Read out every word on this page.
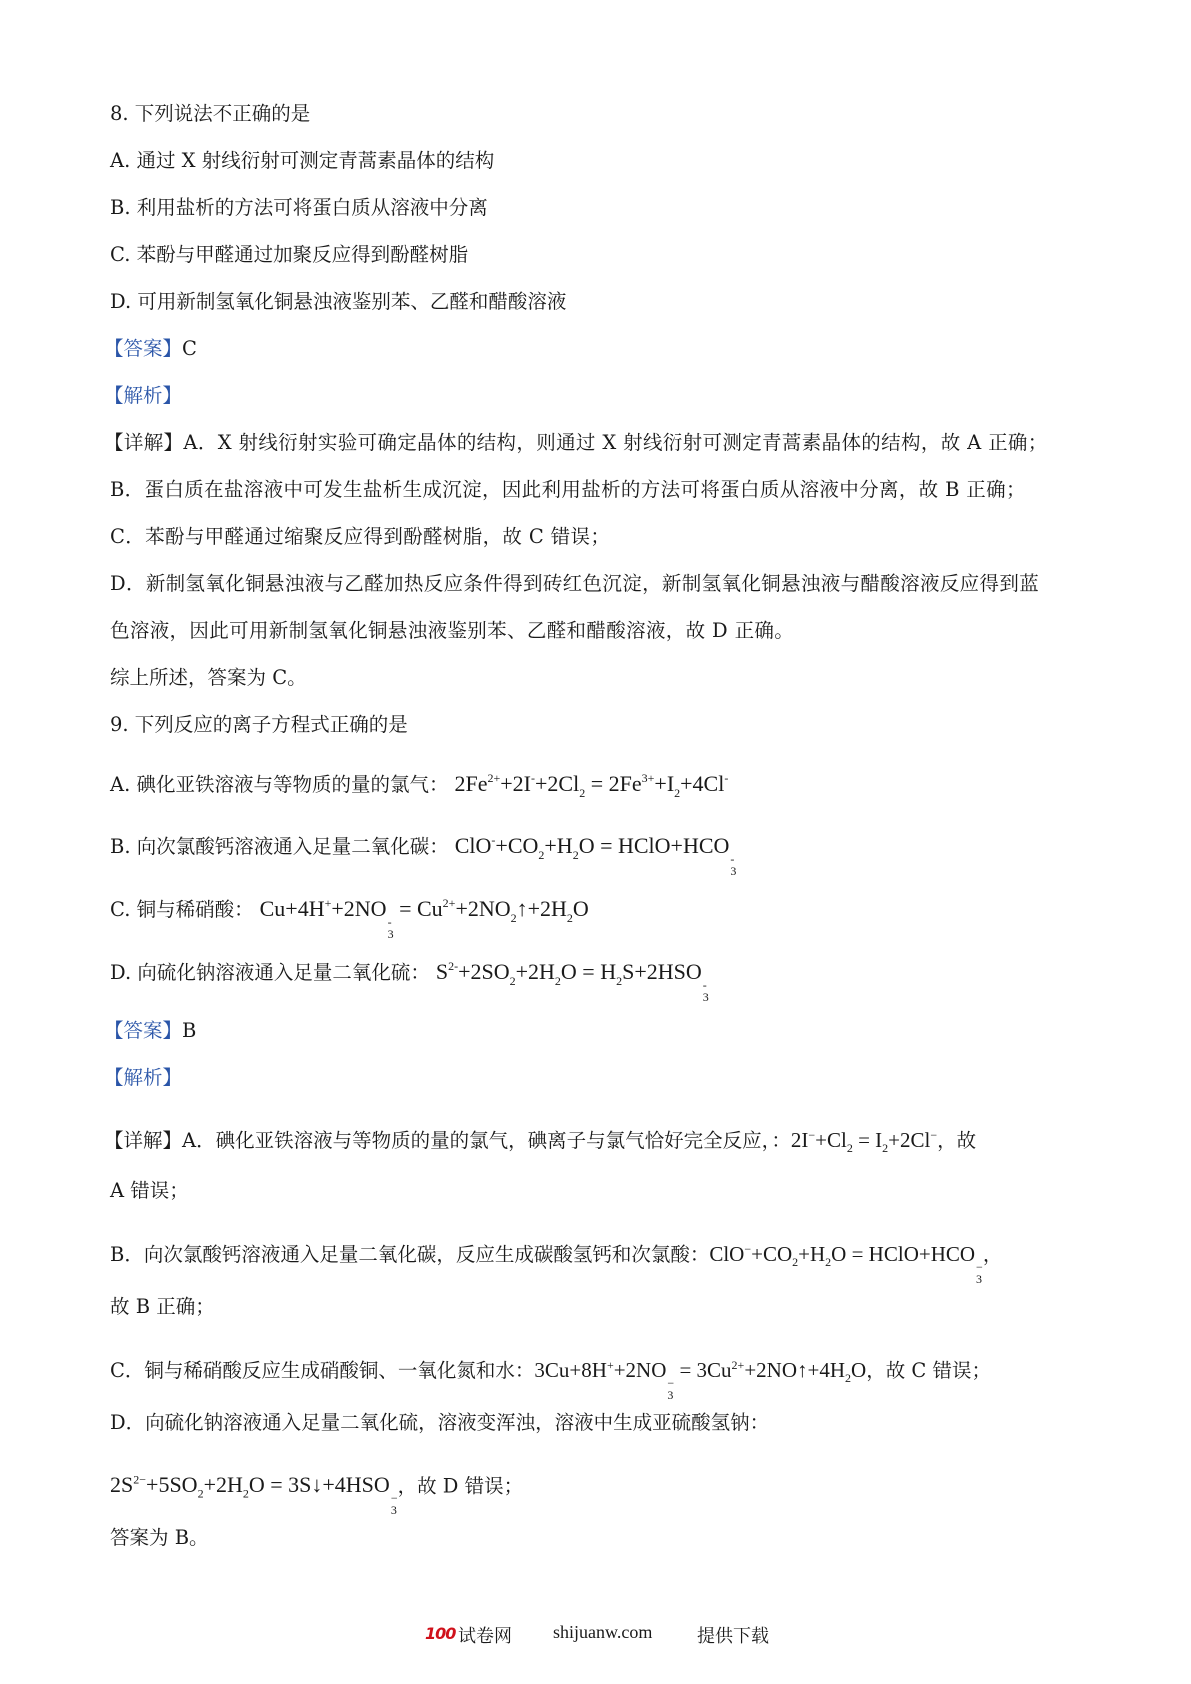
8. 下列说法不正确的是
A. 通过 X 射线衍射可测定青蒿素晶体的结构
B. 利用盐析的方法可将蛋白质从溶液中分离
C. 苯酚与甲醛通过加聚反应得到酚醛树脂
D. 可用新制氢氧化铜悬浊液鉴别苯、乙醛和醋酸溶液
【答案】C
【解析】
【详解】A．X 射线衍射实验可确定晶体的结构，则通过 X 射线衍射可测定青蒿素晶体的结构，故 A 正确；
B．蛋白质在盐溶液中可发生盐析生成沉淀，因此利用盐析的方法可将蛋白质从溶液中分离，故 B 正确；
C．苯酚与甲醛通过缩聚反应得到酚醛树脂，故 C 错误；
D．新制氢氧化铜悬浊液与乙醛加热反应条件得到砖红色沉淀，新制氢氧化铜悬浊液与醋酸溶液反应得到蓝
色溶液，因此可用新制氢氧化铜悬浊液鉴别苯、乙醛和醋酸溶液，故 D 正确。
综上所述，答案为 C。
9. 下列反应的离子方程式正确的是
A. 碘化亚铁溶液与等物质的量的氯气： $2Fe^{2+}+2I^-+2Cl_2 = 2Fe^{3+}+I_2+4Cl^-$
B. 向次氯酸钙溶液通入足量二氧化碳： $ClO^-+CO_2+H_2O$ = HClO+HCO
-
3
C. 铜与稀硝酸： Cu+4H++2NO
-
3
= $Cu^{2+}+2NO_2↑+2H_2O$
D. 向硫化钠溶液通入足量二氧化硫： $S^{2-}+2SO_2+2H_2O = H_2S+2HSO$
-
3
【答案】B
【解析】
【详解】A．碘化亚铁溶液与等物质的量的氯气，碘离子与氯气恰好完全反应，：$2I^-+Cl_2 = I_2+2Cl^-$，故
A 错误；
B．向次氯酸钙溶液通入足量二氧化碳，反应生成碳酸氢钙和次氯酸：$ClO^-+CO_2+H_2O$ = HClO+HCO
−
3
，
故 B 正确；
C．铜与稀硝酸反应生成硝酸铜、一氧化氮和水：3Cu+8H++2NO
−
3
= $3Cu^{2+}+2NO↑+4H_2O$，故 C 错误；
D．向硫化钠溶液通入足量二氧化硫，溶液变浑浊，溶液中生成亚硫酸氢钠：
$2S^{2-}+5SO_2+2H_2O$ = 3S↓+4HSO
−
3
，故 D 错误；
答案为 B。
100 试卷网 shijuanw.com 提供下载
